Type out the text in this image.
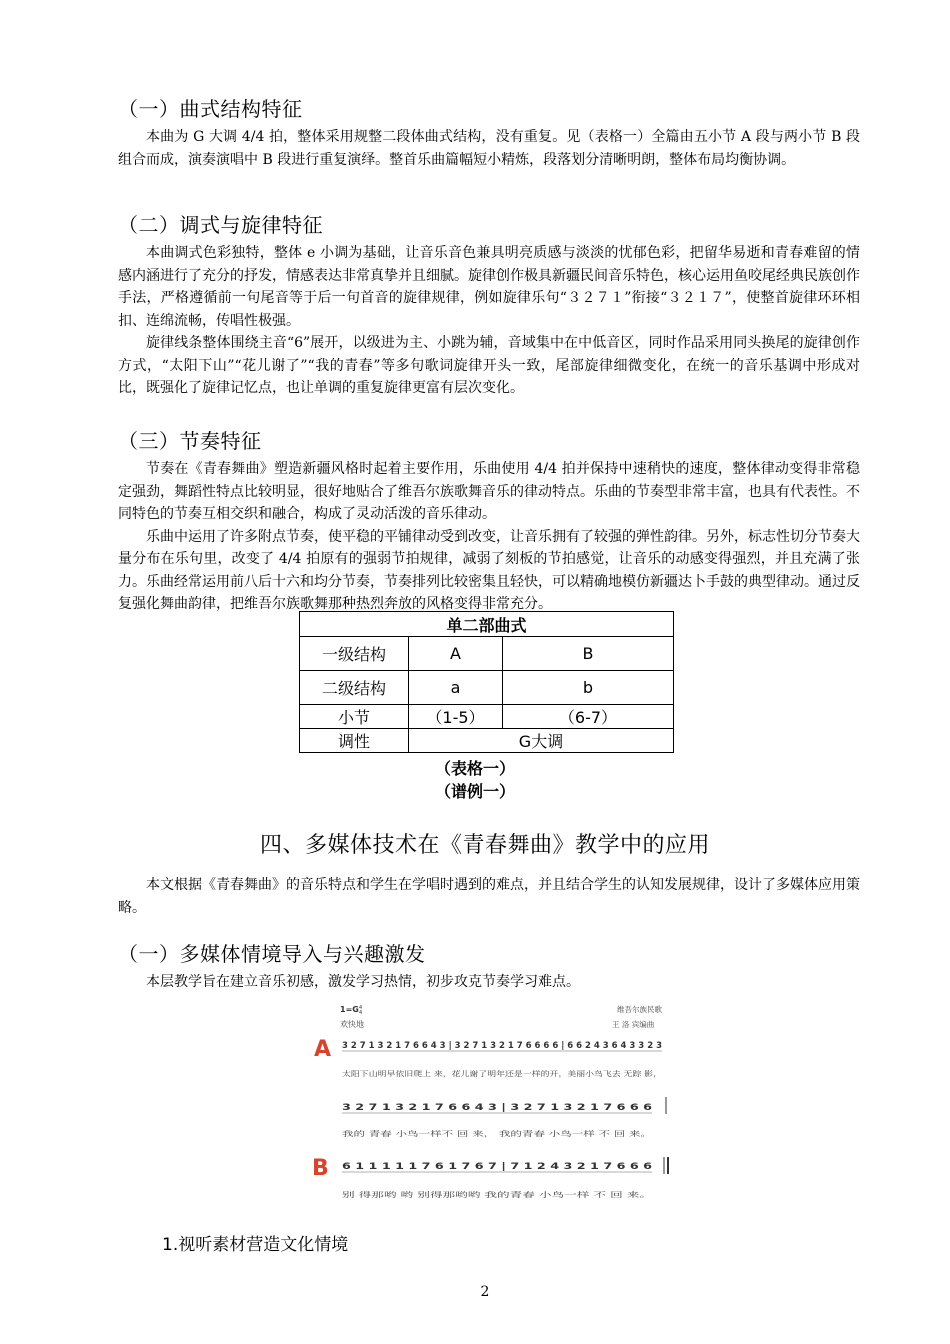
（一）曲式结构特征

本曲为 G 大调 4/4 拍，整体采用规整二段体曲式结构，没有重复。见（表格一）全篇由五小节 A 段与两小节 B 段组合而成，演奏演唱中 B 段进行重复演绎。整首乐曲篇幅短小精炼，段落划分清晰明朗，整体布局均衡协调。

（二）调式与旋律特征

本曲调式色彩独特，整体 e 小调为基础，让音乐音色兼具明亮质感与淡淡的忧郁色彩，把留华易逝和青春难留的情感内涵进行了充分的抒发，情感表达非常真挚并且细腻。旋律创作极具新疆民间音乐特色，核心运用鱼咬尾经典民族创作手法，严格遵循前一句尾音等于后一句首音的旋律规律，例如旋律乐句“３２７１”衔接“３２１７”，使整首旋律环环相扣、连绵流畅，传唱性极强。

旋律线条整体围绕主音“6”展开，以级进为主、小跳为辅，音域集中在中低音区，同时作品采用同头换尾的旋律创作方式，“太阳下山”“花儿谢了”“我的青春”等多句歌词旋律开头一致，尾部旋律细微变化，在统一的音乐基调中形成对比，既强化了旋律记忆点，也让单调的重复旋律更富有层次变化。

（三）节奏特征

节奏在《青春舞曲》塑造新疆风格时起着主要作用，乐曲使用 4/4 拍并保持中速稍快的速度，整体律动变得非常稳定强劲，舞蹈性特点比较明显，很好地贴合了维吾尔族歌舞音乐的律动特点。乐曲的节奏型非常丰富，也具有代表性。不同特色的节奏互相交织和融合，构成了灵动活泼的音乐律动。

乐曲中运用了许多附点节奏，使平稳的平铺律动受到改变，让音乐拥有了较强的弹性韵律。另外，标志性切分节奏大量分布在乐句里，改变了 4/4 拍原有的强弱节拍规律，减弱了刻板的节拍感觉，让音乐的动感变得强烈，并且充满了张力。乐曲经常运用前八后十六和均分节奏，节奏排列比较密集且轻快，可以精确地模仿新疆达卜手鼓的典型律动。通过反复强化舞曲韵律，把维吾尔族歌舞那种热烈奔放的风格变得非常充分。

单二部曲式		
一级结构	A	B
二级结构	a	b
小节	（1-5）	（6-7）
调性	G大调	
（表格一）
（谱例一）
四、多媒体技术在《青春舞曲》教学中的应用

本文根据《青春舞曲》的音乐特点和学生在学唱时遇到的难点，并且结合学生的认知发展规律，设计了多媒体应用策略。

（一）多媒体情境导入与兴趣激发

本层教学旨在建立音乐初感，激发学习热情，初步攻克节奏学习难点。

1=G 4
4
欢快地
维吾尔族民歌
王 洛 宾编曲
A 3 2 7 1 3 2 1 7 6 6 4 3 | 3 2 7 1 3 2 1 7 6 6 6 6 | 6 6 2 4 3 6 4 3 3 2 3
太阳下山明早依旧爬上 来，花儿谢了明年还是一样的开，美丽小鸟飞去 无踪 影，
3 2 7 1 3 2 1 7 6 6 4 3 | 3 2 7 1 3 2 1 7 6 6 6
我的 青春 小鸟一样不 回 来， 我的青春 小鸟一样 不 回 来。
B 6 1 1 1 1 1 7 6 1 7 6 7 | 7 1 2 4 3 2 1 7 6 6 6
别 得那哟 哟 别得那哟哟 我的青春 小鸟一样 不 回 来。
1.视听素材营造文化情境
2
